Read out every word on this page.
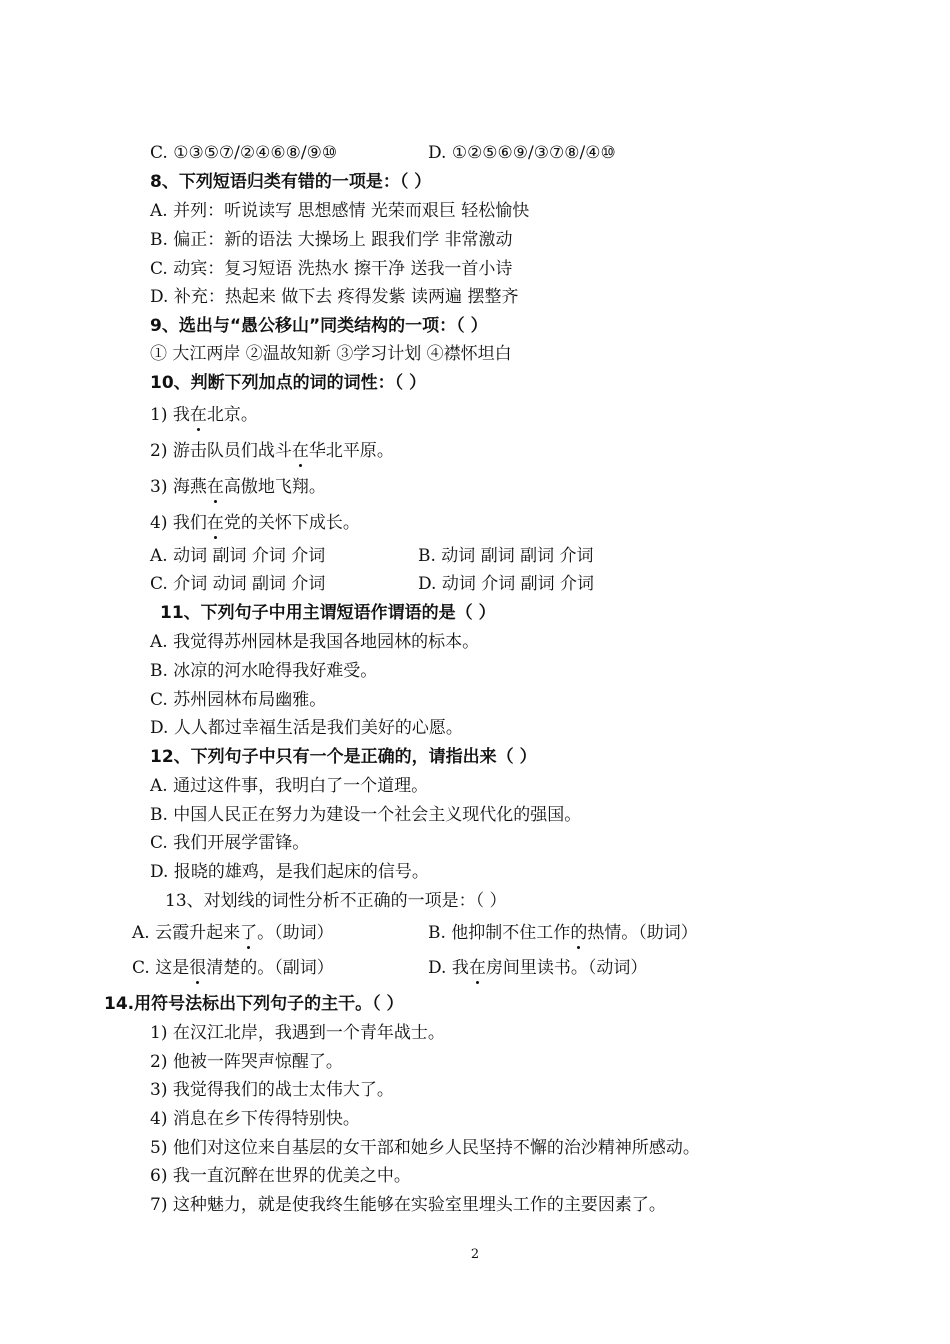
C. ①③⑤⑦/②④⑥⑧/⑨⑩	D. ①②⑤⑥⑨/③⑦⑧/④⑩
8、下列短语归类有错的一项是：（ ）
A. 并列：听说读写 思想感情 光荣而艰巨 轻松愉快
B. 偏正：新的语法 大操场上 跟我们学 非常激动
C. 动宾：复习短语 洗热水 擦干净 送我一首小诗
D. 补充：热起来 做下去 疼得发紫 读两遍 摆整齐
9、选出与“愚公移山”同类结构的一项：（ ）
① 大江两岸 ②温故知新 ③学习计划 ④襟怀坦白
10、判断下列加点的词的词性：（ ）
1) 我在北京。
2) 游击队员们战斗在华北平原。
3) 海燕在高傲地飞翔。
4) 我们在党的关怀下成长。
A. 动词 副词 介词 介词	B. 动词 副词 副词 介词
C. 介词 动词 副词 介词	D. 动词 介词 副词 介词
11、下列句子中用主谓短语作谓语的是（ ）
A. 我觉得苏州园林是我国各地园林的标本。
B. 冰凉的河水呛得我好难受。
C. 苏州园林布局幽雅。
D. 人人都过幸福生活是我们美好的心愿。
12、下列句子中只有一个是正确的，请指出来（ ）
A. 通过这件事，我明白了一个道理。
B. 中国人民正在努力为建设一个社会主义现代化的强国。
C. 我们开展学雷锋。
D. 报晓的雄鸡，是我们起床的信号。
13、对划线的词性分析不正确的一项是：（ ）
A. 云霞升起来了。（助词）	B. 他抑制不住工作的热情。（助词）
C. 这是很清楚的。（副词）	D. 我在房间里读书。（动词）
14.用符号法标出下列句子的主干。（ ）
1) 在汉江北岸，我遇到一个青年战士。
2) 他被一阵哭声惊醒了。
3) 我觉得我们的战士太伟大了。
4) 消息在乡下传得特别快。
5) 他们对这位来自基层的女干部和她乡人民坚持不懈的治沙精神所感动。
6) 我一直沉醉在世界的优美之中。
7) 这种魅力，就是使我终生能够在实验室里埋头工作的主要因素了。
2
